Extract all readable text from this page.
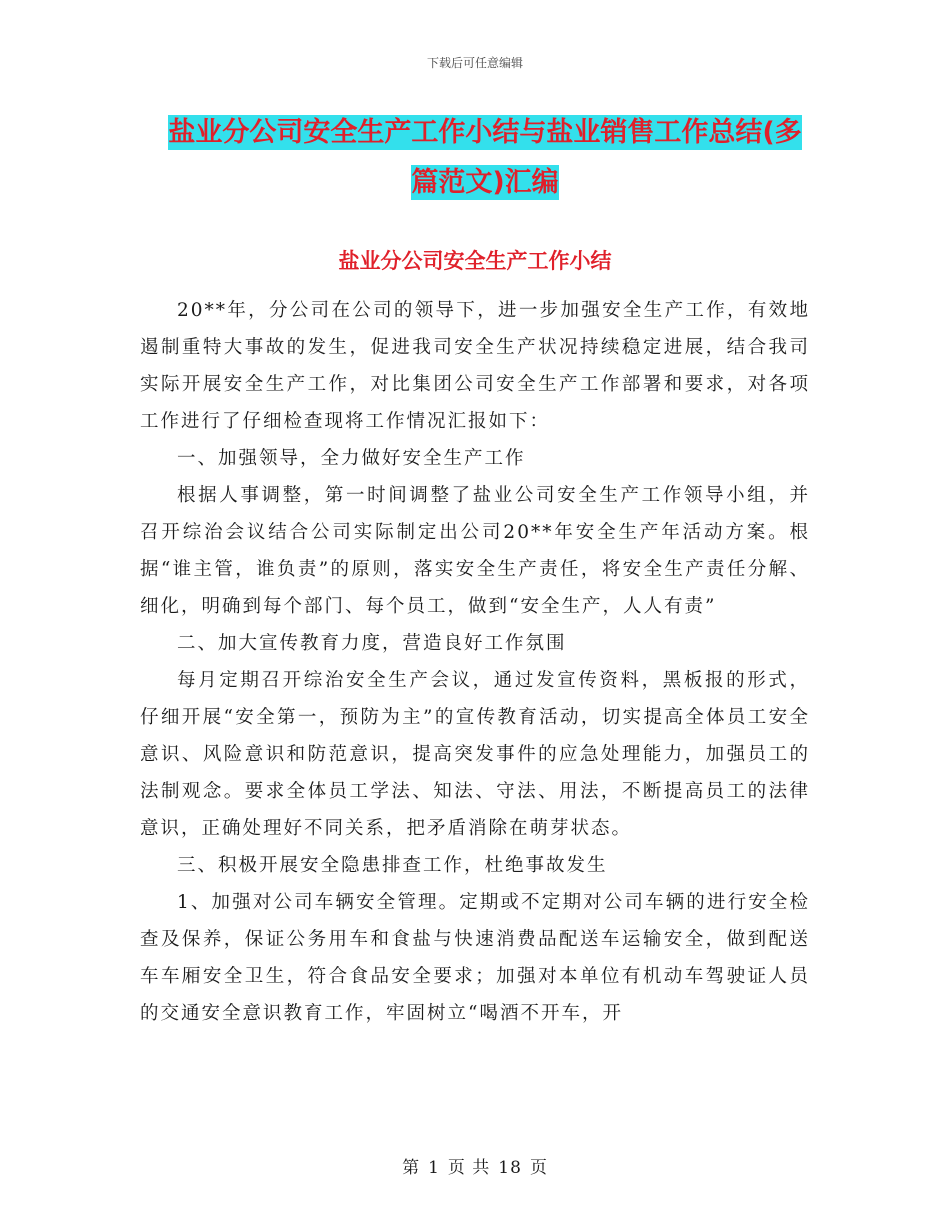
下载后可任意编辑
盐业分公司安全生产工作小结与盐业销售工作总结(多
篇范文)汇编
盐业分公司安全生产工作小结

20**年，分公司在公司的领导下，进一步加强安全生产工作，有效地遏制重特大事故的发生，促进我司安全生产状况持续稳定进展，结合我司实际开展安全生产工作，对比集团公司安全生产工作部署和要求，对各项工作进行了仔细检查现将工作情况汇报如下：

一、加强领导，全力做好安全生产工作

根据人事调整，第一时间调整了盐业公司安全生产工作领导小组，并召开综治会议结合公司实际制定出公司20**年安全生产年活动方案。根据“谁主管，谁负责”的原则，落实安全生产责任，将安全生产责任分解、细化，明确到每个部门、每个员工，做到“安全生产，人人有责”

二、加大宣传教育力度，营造良好工作氛围

每月定期召开综治安全生产会议，通过发宣传资料，黑板报的形式，仔细开展“安全第一，预防为主”的宣传教育活动，切实提高全体员工安全意识、风险意识和防范意识，提高突发事件的应急处理能力，加强员工的法制观念。要求全体员工学法、知法、守法、用法，不断提高员工的法律意识，正确处理好不同关系，把矛盾消除在萌芽状态。

三、积极开展安全隐患排查工作，杜绝事故发生

1、加强对公司车辆安全管理。定期或不定期对公司车辆的进行安全检查及保养，保证公务用车和食盐与快速消费品配送车运输安全，做到配送车车厢安全卫生，符合食品安全要求；加强对本单位有机动车驾驶证人员的交通安全意识教育工作，牢固树立“喝酒不开车，开

第 1 页 共 18 页
